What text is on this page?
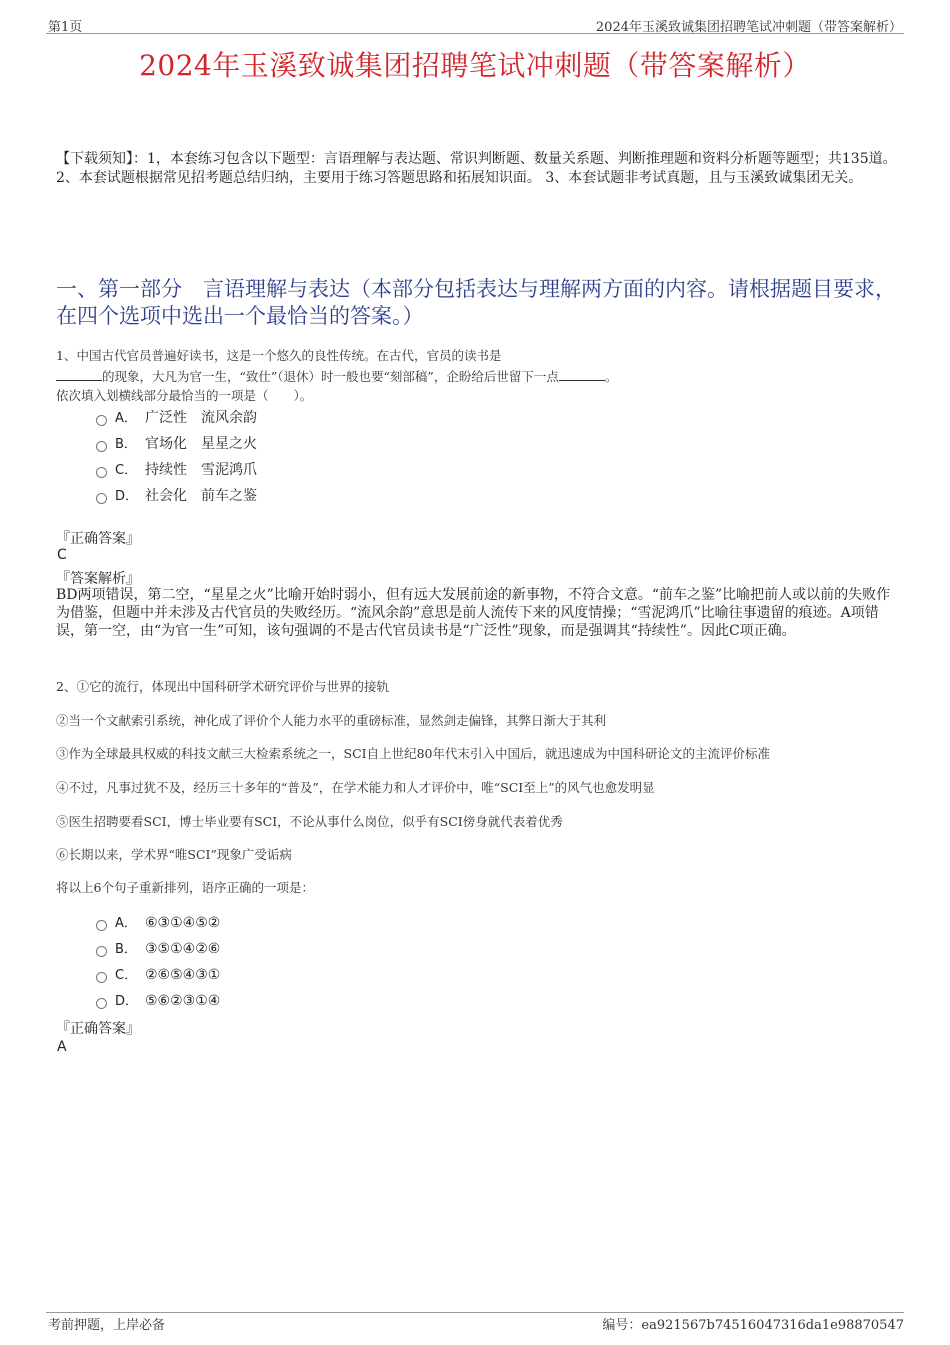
第1页	2024年玉溪致诚集团招聘笔试冲刺题（带答案解析）
2024年玉溪致诚集团招聘笔试冲刺题（带答案解析）
【下载须知】：1，本套练习包含以下题型：言语理解与表达题、常识判断题、数量关系题、判断推理题和资料分析题等题型；共135道。 2、本套试题根据常见招考题总结归纳，主要用于练习答题思路和拓展知识面。 3、本套试题非考试真题，且与玉溪致诚集团无关。
一、第一部分　言语理解与表达（本部分包括表达与理解两方面的内容。请根据题目要求，在四个选项中选出一个最恰当的答案。）
1、中国古代官员普遍好读书，这是一个悠久的良性传统。在古代，官员的读书是
的现象，大凡为官一生，“致仕”（退休）时一般也要“刻部稿”，企盼给后世留下一点	。
依次填入划横线部分最恰当的一项是（　　）。
A． 广泛性　流风余韵
B． 官场化　星星之火
C． 持续性　雪泥鸿爪
D． 社会化　前车之鉴
『正确答案』
C
『答案解析』
BD两项错误，第二空，“星星之火”比喻开始时弱小，但有远大发展前途的新事物，不符合文意。“前车之鉴”比喻把前人或以前的失败作为借鉴，但题中并未涉及古代官员的失败经历。“流风余韵”意思是前人流传下来的风度情操；“雪泥鸿爪”比喻往事遗留的痕迹。A项错误，第一空，由“为官一生”可知，该句强调的不是古代官员读书是“广泛性”现象，而是强调其“持续性”。因此C项正确。
2、①它的流行，体现出中国科研学术研究评价与世界的接轨
②当一个文献索引系统，神化成了评价个人能力水平的重磅标准，显然剑走偏锋，其弊日渐大于其利
③作为全球最具权威的科技文献三大检索系统之一，SCI自上世纪80年代末引入中国后，就迅速成为中国科研论文的主流评价标准
④不过，凡事过犹不及，经历三十多年的“普及”，在学术能力和人才评价中，唯“SCI至上”的风气也愈发明显
⑤医生招聘要看SCI，博士毕业要有SCI，不论从事什么岗位，似乎有SCI傍身就代表着优秀
⑥长期以来，学术界“唯SCI”现象广受诟病
将以上6个句子重新排列，语序正确的一项是：
A． ⑥③①④⑤②
B． ③⑤①④②⑥
C． ②⑥⑤④③①
D． ⑤⑥②③①④
『正确答案』
A
考前押题，上岸必备	编号：ea921567b74516047316da1e98870547
